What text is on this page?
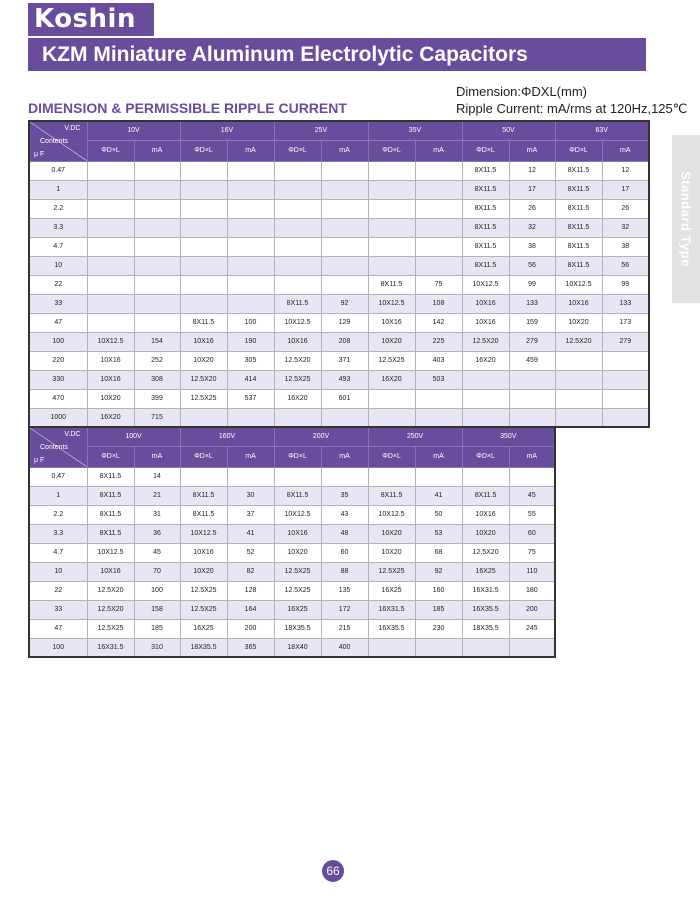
Koshin
KZM Miniature Aluminum Electrolytic Capacitors
Dimension:ΦDXL(mm)
Ripple Current: mA/rms at 120Hz,125℃
DIMENSION & PERMISSIBLE RIPPLE CURRENT
Standard Type
V.DC
Contents
μ F	10V		16V		25V		35V		50V		63V	
	ΦD×L	mA	ΦD×L	mA	ΦD×L	mA	ΦD×L	mA	ΦD×L	mA	ΦD×L	mA
0.47									8X11.5	12	8X11.5	12
1									8X11.5	17	8X11.5	17
2.2									8X11.5	26	8X11.5	26
3.3									8X11.5	32	8X11.5	32
4.7									8X11.5	38	8X11.5	38
10									8X11.5	56	8X11.5	56
22							8X11.5	75	10X12.5	99	10X12.5	99
33					8X11.5	92	10X12.5	108	10X16	133	10X16	133
47			8X11.5	100	10X12.5	129	10X16	142	10X16	159	10X20	173
100	10X12.5	154	10X16	190	10X16	208	10X20	225	12.5X20	279	12.5X20	279
220	10X16	252	10X20	305	12.5X20	371	12.5X25	403	16X20	459		
330	10X16	308	12.5X20	414	12.5X25	493	16X20	503				
470	10X20	399	12.5X25	537	16X20	601						
1000	16X20	715										
V.DC
Contents
μ F	100V		160V		200V		250V		350V	
	ΦD×L	mA	ΦD×L	mA	ΦD×L	mA	ΦD×L	mA	ΦD×L	mA
0.47	8X11.5	14								
1	8X11.5	21	8X11.5	30	8X11.5	35	8X11.5	41	8X11.5	45
2.2	8X11.5	31	8X11.5	37	10X12.5	43	10X12.5	50	10X16	55
3.3	8X11.5	36	10X12.5	41	10X16	48	10X20	53	10X20	60
4.7	10X12.5	45	10X16	52	10X20	60	10X20	68	12.5X20	75
10	10X16	70	10X20	82	12.5X25	88	12.5X25	92	16X25	110
22	12.5X20	100	12.5X25	128	12.5X25	135	16X25	160	16X31.5	180
33	12.5X20	158	12.5X25	164	16X25	172	16X31.5	185	16X35.5	200
47	12.5X25	185	16X25	200	18X35.5	215	16X35.5	230	18X35.5	245
100	16X31.5	310	18X35.5	365	18X40	400				
66
